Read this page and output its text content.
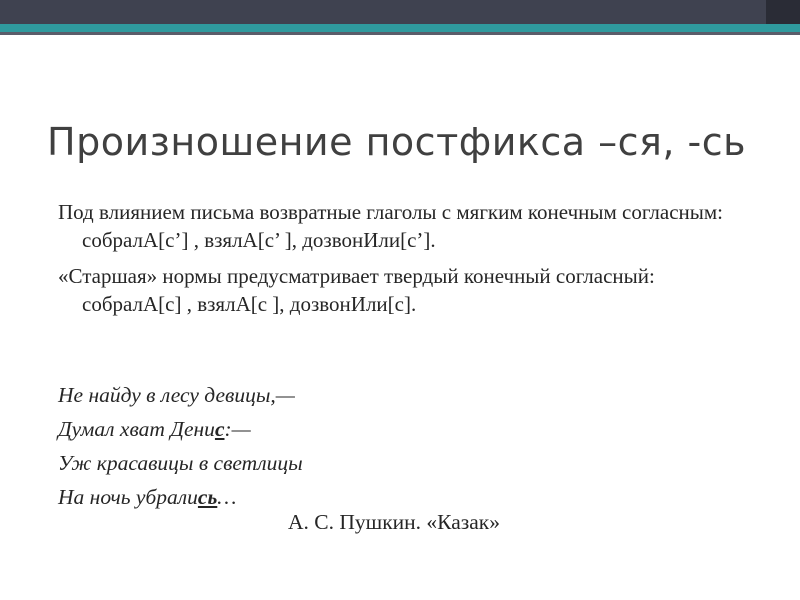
Произношение постфикса –ся, -сь

Под влиянием письма возвратные глаголы с мягким конечным согласным: собралА[с’] , взялА[с’ ], дозвонИли[с’].

«Старшая» нормы предусматривает твердый конечный согласный: собралА[с] , взялА[с ], дозвонИли[с].

Не найду в лесу девицы,—
Думал хват Денис:—
Уж красавицы в светлицы
На ночь убрались…
А. С. Пушкин. «Казак»
